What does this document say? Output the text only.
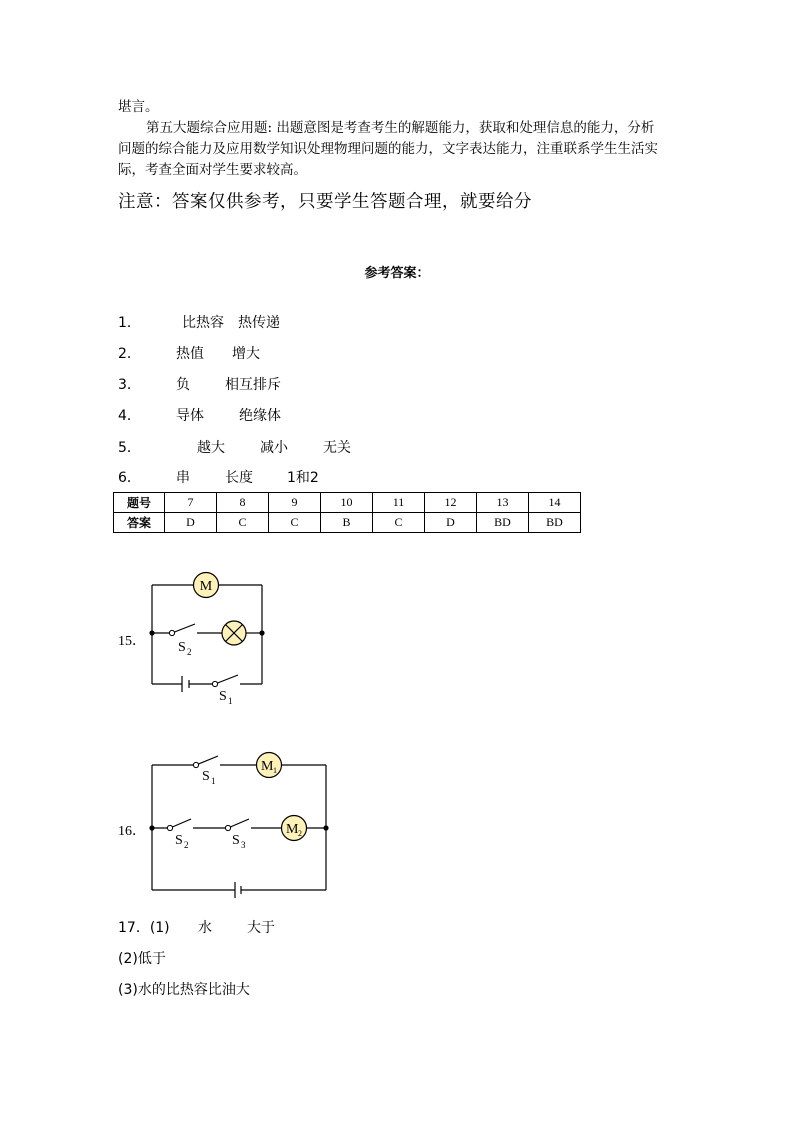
堪言。
第五大题综合应用题: 出题意图是考查考生的解题能力，获取和处理信息的能力，分析
问题的综合能力及应用数学知识处理物理问题的能力，文字表达能力，注重联系学生生活实
际，考查全面对学生要求较高。
注意：答案仅供参考，只要学生答题合理，就要给分
参考答案：
1．	比热容 热传递
2．	热值 增大
3．	负	相互排斥
4．	导体	绝缘体
5．	越大	减小	无关
6．	串	长度 1和2
题号	7	8	9	10	11	12	13	14
答案	D	C	C	B	C	D	BD	BD
15．
M
S 2
S 1
16．
M 1
M 2
S 1
S 2	S 3
17．(1) 水	大于
(2)低于
(3)水的比热容比油大
